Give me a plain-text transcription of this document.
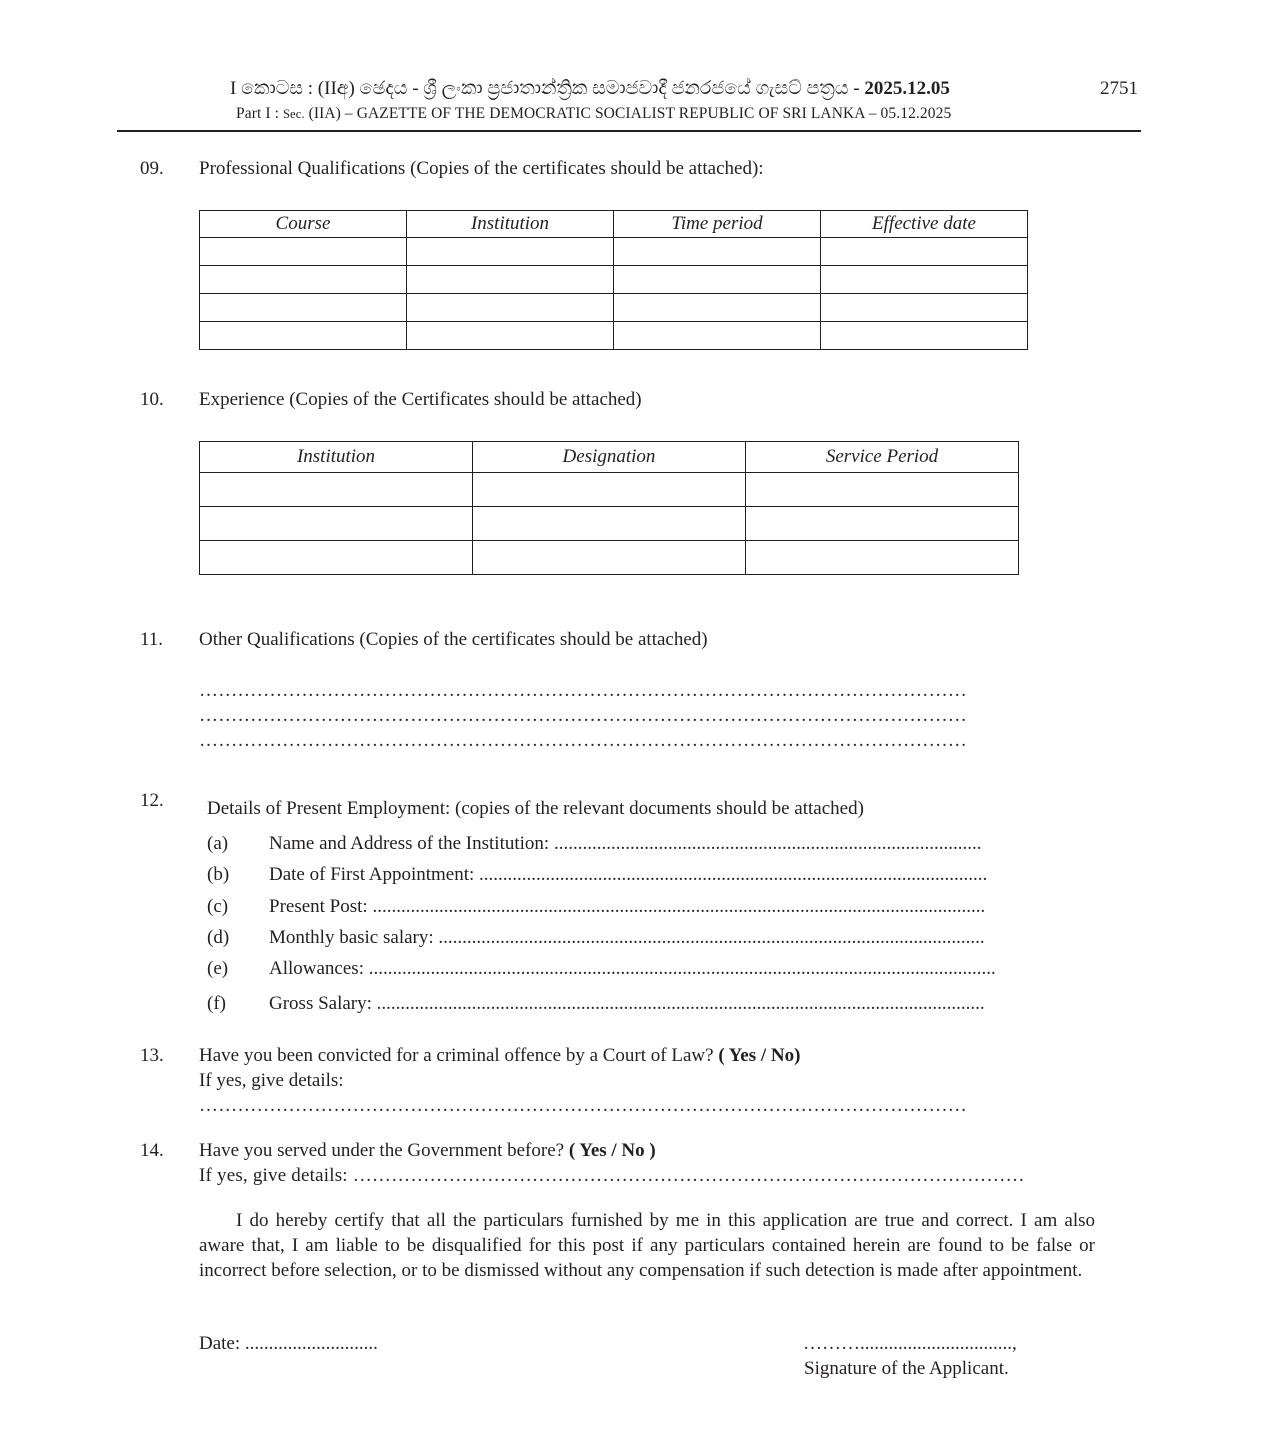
I කොටස : (IIඅ) ඡෙදය - ශ්‍රී ලංකා ප්‍රජාතාන්ත්‍රික සමාජවාදී ජනරජයේ ගැසට් පත්‍රය - 2025.12.05	2751
Part I : Sec. (IIA) – GAZETTE OF THE DEMOCRATIC SOCIALIST REPUBLIC OF SRI LANKA – 05.12.2025
09. Professional Qualifications (Copies of the certificates should be attached):
Course	Institution	Time period	Effective date

10. Experience (Copies of the Certificates should be attached)
Institution	Designation	Service Period

11. Other Qualifications (Copies of the certificates should be attached)
…………………………………………………………………………………………………………
…………………………………………………………………………………………………………
…………………………………………………………………………………………………………
12. Details of Present Employment: (copies of the relevant documents should be attached)
(a) Name and Address of the Institution: ..........................................................................................
(b) Date of First Appointment: ...........................................................................................................
(c) Present Post: .................................................................................................................................
(d) Monthly basic salary: ...................................................................................................................
(e) Allowances: ....................................................................................................................................
(f) Gross Salary: ................................................................................................................................
13. Have you been convicted for a criminal offence by a Court of Law? ( Yes / No)
If yes, give details:
…………………………………………………………………………………………………………
14. Have you served under the Government before? ( Yes / No )
If yes, give details: ……………………………………………………………………………………………
I do hereby certify that all the particulars furnished by me in this application are true and correct. I am also aware that, I am liable to be disqualified for this post if any particulars contained herein are found to be false or incorrect before selection, or to be dismissed without any compensation if such detection is made after appointment.
Date: ............................	………................................,
Signature of the Applicant.
